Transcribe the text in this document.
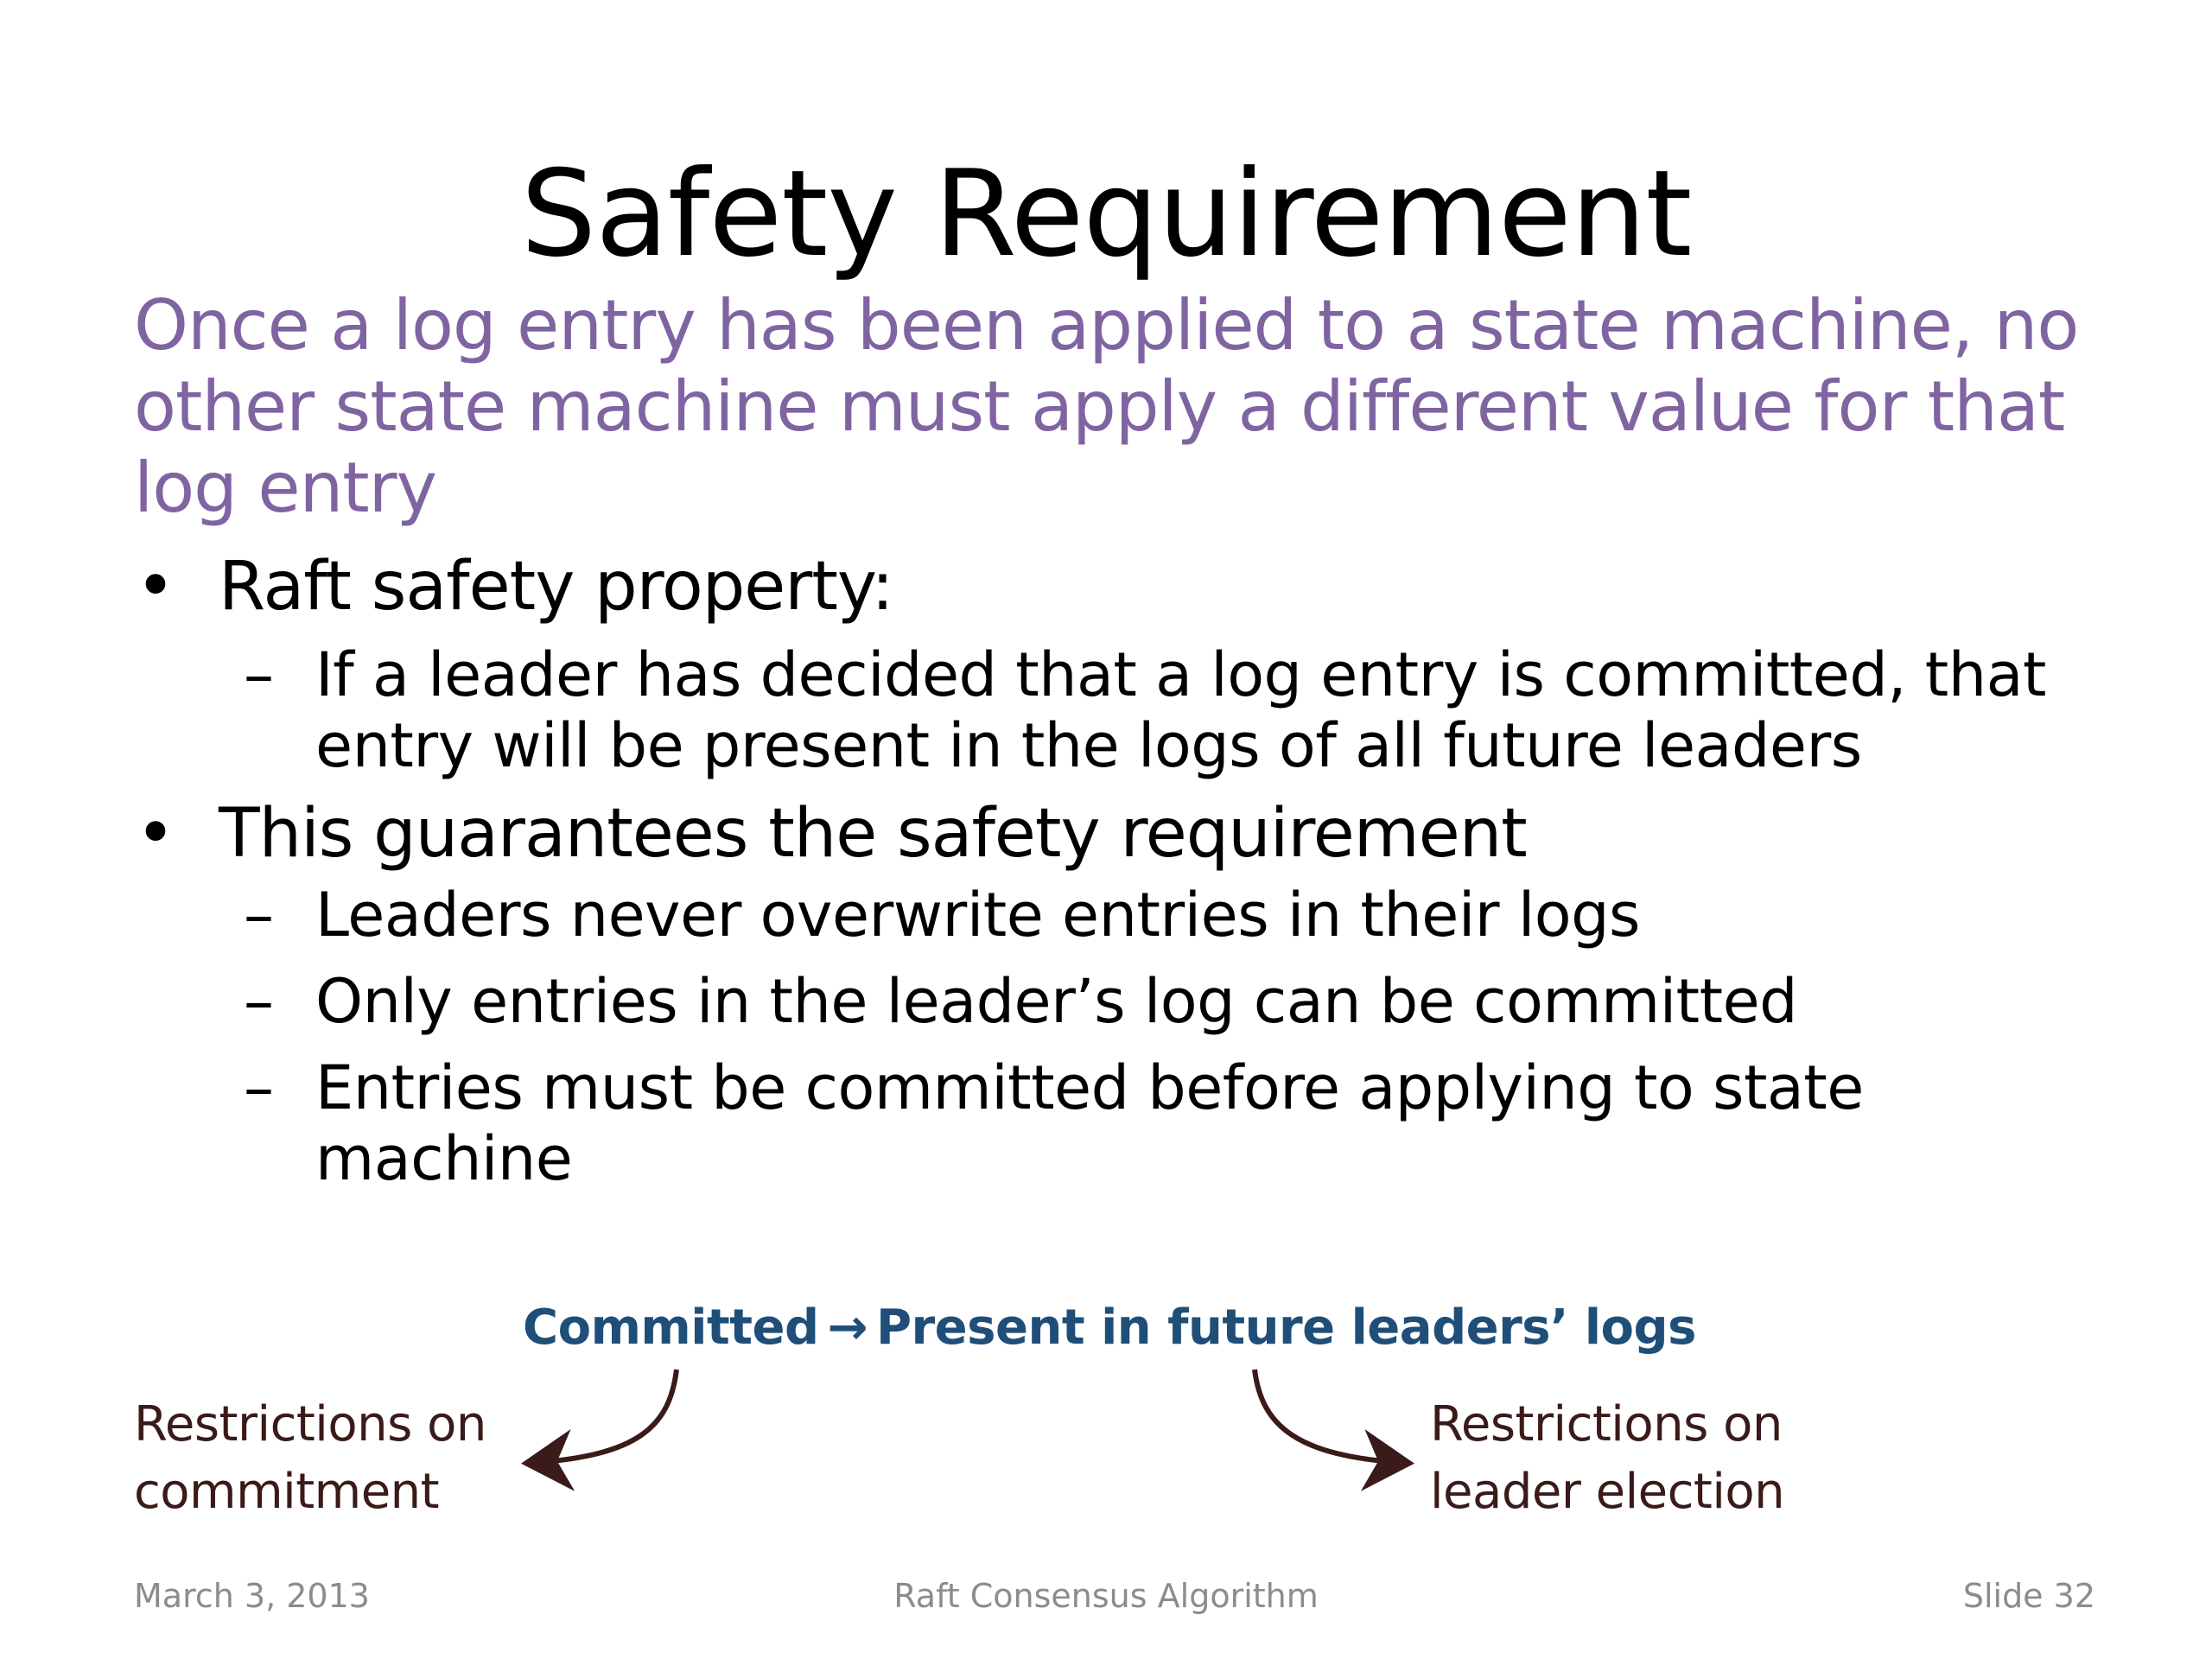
Safety Requirement
Once a log entry has been applied to a state machine, no other state machine must apply a different value for that log entry
• Raft safety property:
– If a leader has decided that a log entry is committed, that entry will be present in the logs of all future leaders
• This guarantees the safety requirement
– Leaders never overwrite entries in their logs
– Only entries in the leader’s log can be committed
– Entries must be committed before applying to state machine
Committed → Present in future leaders’ logs
Restrictions on
commitment
Restrictions on
leader election
March 3, 2013	Raft Consensus Algorithm	Slide 32
